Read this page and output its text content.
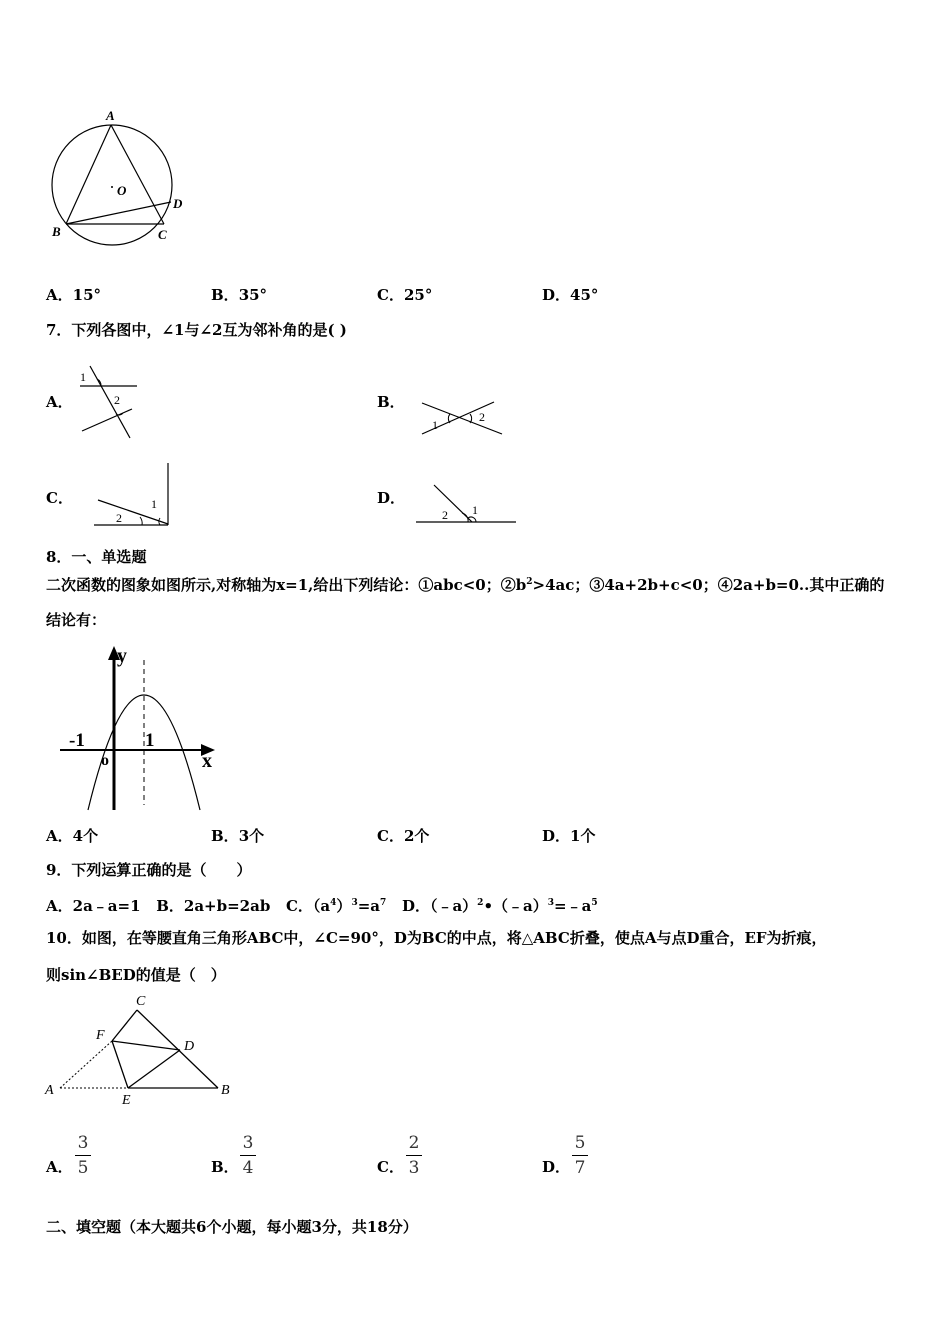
A
O
B	C
D
A．15°	B．35°	C．25°	D．45°
7．下列各图中，∠1与∠2互为邻补角的是( )
A．
1
2	B．
1
2
C．	1
2
D．
2 1
8．一、单选题
二次函数的图象如图所示,对称轴为x=1,给出下列结论：①abc<0；$②b^2>4ac$；③4a+2b+c<0；④2a+b=0..其中正确的
结论有：
y
x
-1	1
o
A．4个	B．3个	C．2个	D．1个
9．下列运算正确的是（　　）
A．2a﹣a=1 B．2a+b=2ab C．$(a^4)^3=a^7$ D．$(﹣a)^2•(﹣a)^3=﹣a^5$
10．如图，在等腰直角三角形ABC中，∠C=90°，D为BC的中点，将△ABC折叠，使点A与点D重合，EF为折痕，
则sin∠BED的值是（　）
A	B
C
D
E
F
A．
3
5	B．
3
4	C．
2
3	D．
5
7
二、填空题（本大题共6个小题，每小题3分，共18分）
